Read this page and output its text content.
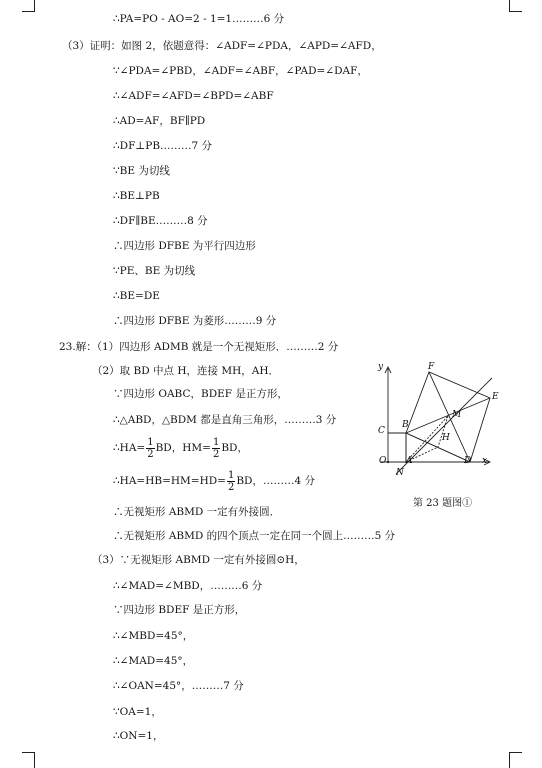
∴PA=PO - AO=2 - 1=1………6 分
（3）证明：如图 2，依题意得：∠ADF=∠PDA，∠APD=∠AFD，
∵∠PDA=∠PBD，∠ADF=∠ABF，∠PAD=∠DAF，
∴∠ADF=∠AFD=∠BPD=∠ABF
∴AD=AF，BF∥PD
∴DF⊥PB………7 分
∵BE 为切线
∴BE⊥PB
∴DF∥BE………8 分
∴四边形 DFBE 为平行四边形
∵PE、BE 为切线
∴BE=DE
∴四边形 DFBE 为菱形………9 分
23.解：（1）四边形 ADMB 就是一个无视矩形．………2 分
（2）取 BD 中点 H，连接 MH，AH．
∵四边形 OABC，BDEF 是正方形，
∴△ABD，△BDM 都是直角三角形，………3 分
∴HA= $\frac{1}{2}$ BD，$HM= \frac{1}{2}$ BD，
∴HA=HB=HM=HD= $\frac{1}{2}$ BD，………4 分
∴无视矩形 ABMD 一定有外接圆．
∴无视矩形 ABMD 的四个顶点一定在同一个圆上………5 分
（3）∵无视矩形 ABMD 一定有外接圆⊙H，
∴∠MAD=∠MBD，………6 分
∵四边形 BDEF 是正方形，
∴∠MBD=45°，
∴∠MAD=45°，
∴∠OAN=45°，………7 分
∵OA=1，
∴ON=1，
y	F
E
C
B
M
H
O A	D x
N
第 23 题图①
